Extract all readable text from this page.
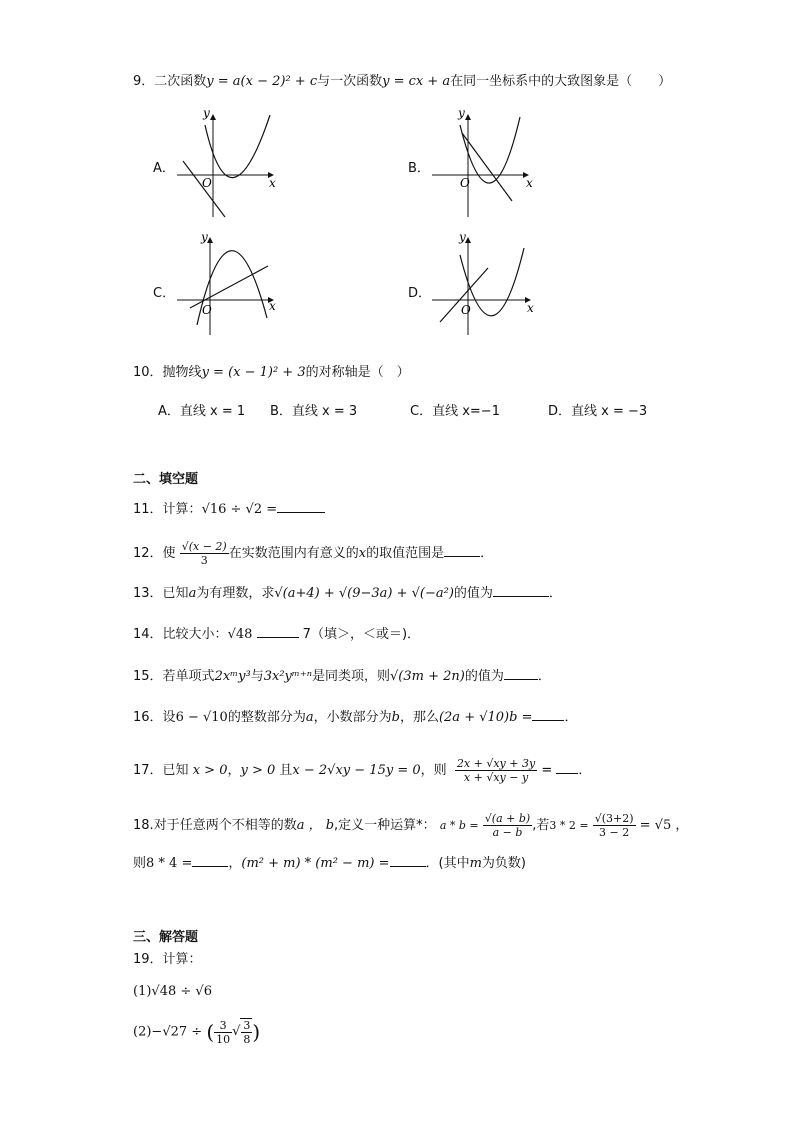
9．二次函数y = a(x − 2)² + c与一次函数y = cx + a在同一坐标系中的大致图象是（　　）
A．
y
x
O
B．
y
x
O
C．
y
x
O
D．
y
x
O
10．抛物线y = (x − 1)² + 3的对称轴是（　）
A．直线 x = 1 B．直线 x = 3	C．直线 x=−1	D．直线 x = −3
二、填空题
11．计算：√16 ÷ √2 =
12．使 $\frac{√(x - 2)}{3}$ 在实数范围内有意义的x的取值范围是	．
13．已知a为有理数，求√(a+4) + √(9−3a) + √(−a²)的值为	．
14．比较大小：√48	7（填＞，＜或＝)．
15．若单项式2xᵐy³与3x²yᵐ⁺ⁿ是同类项，则√(3m + 2n)的值为	．
16．设6 − √10的整数部分为a，小数部分为b，那么(2a + √10)b = ．
17．已知 x > 0，y > 0 且x − 2√xy − 15y = 0，则 $\frac{2x + √xy + 3y}{x + √xy - y}$ = ．
18.对于任意两个不相等的数a ， b,定义一种运算*： $a * b = \frac{√(a + b)}{a - b}$ ,若$3 * 2 = \frac{√(3+2)}{3 - 2} = √5$ ，
则8 * 4 =	，(m² + m) * (m² − m) =	．(其中m为负数)
三、解答题
19．计算：
(1)√48 ÷ √6
(2)−√27 ÷ ( $\frac{3}{10}$ √ $\frac{3}{8}$ )
